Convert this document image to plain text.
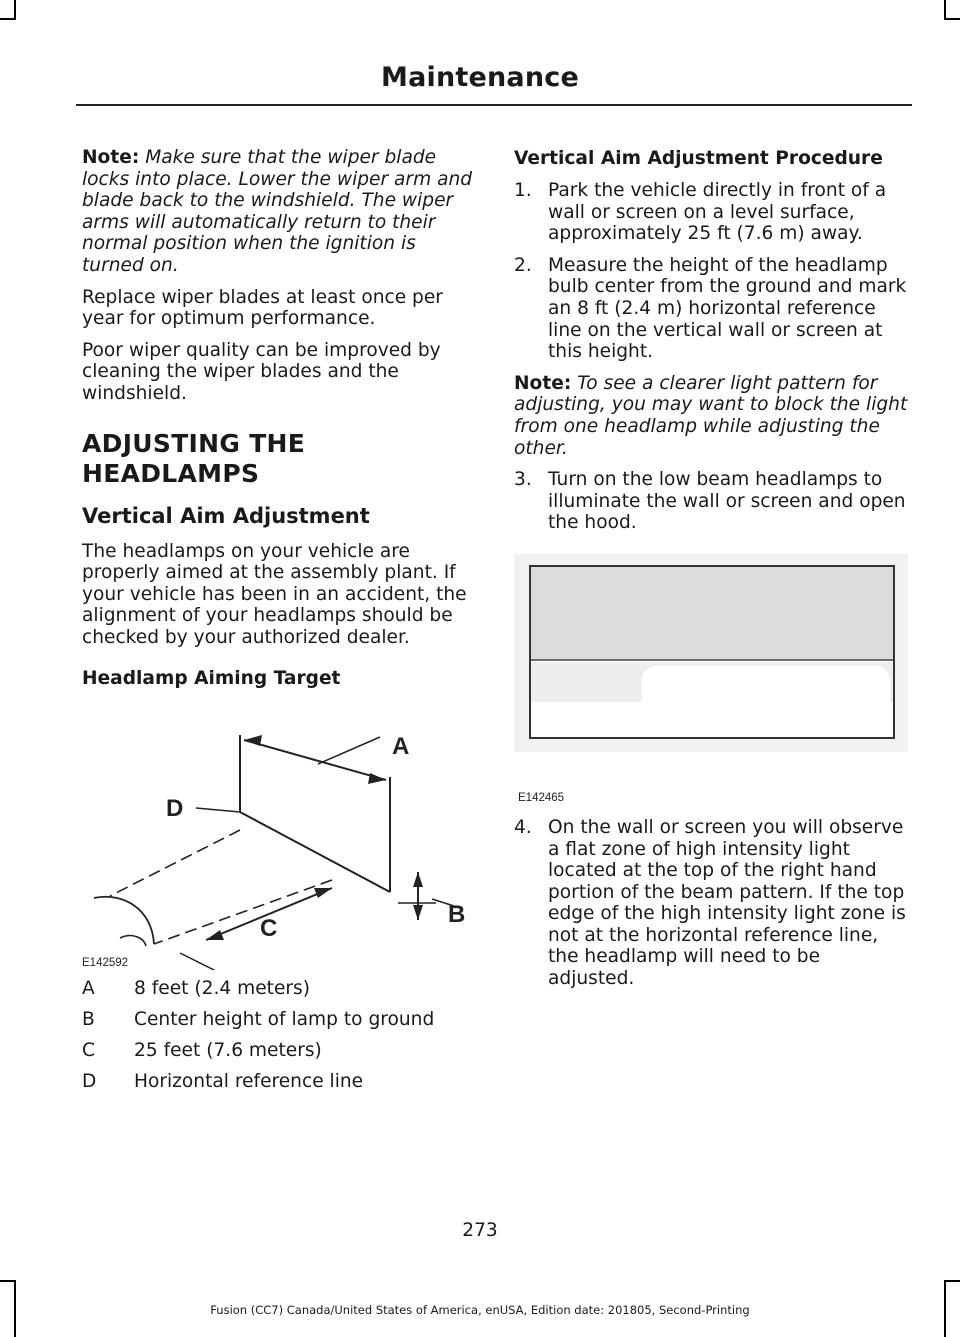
Maintenance

Note: Make sure that the wiper blade locks into place. Lower the wiper arm and blade back to the windshield. The wiper arms will automatically return to their normal position when the ignition is turned on.

Replace wiper blades at least once per year for optimum performance.

Poor wiper quality can be improved by cleaning the wiper blades and the windshield.

ADJUSTING THE HEADLAMPS
Vertical Aim Adjustment

The headlamps on your vehicle are properly aimed at the assembly plant. If your vehicle has been in an accident, the alignment of your headlamps should be checked by your authorized dealer.

Headlamp Aiming Target
A
D
B
C
E142592
A	8 feet (2.4 meters)
B	Center height of lamp to ground
C	25 feet (7.6 meters)
D	Horizontal reference line
Vertical Aim Adjustment Procedure
1. Park the vehicle directly in front of a wall or screen on a level surface, approximately 25 ft (7.6 m) away.
2. Measure the height of the headlamp bulb center from the ground and mark an 8 ft (2.4 m) horizontal reference line on the vertical wall or screen at this height.

Note: To see a clearer light pattern for adjusting, you may want to block the light from one headlamp while adjusting the other.

3. Turn on the low beam headlamps to illuminate the wall or screen and open the hood.
E142465
4. On the wall or screen you will observe a flat zone of high intensity light located at the top of the right hand portion of the beam pattern. If the top edge of the high intensity light zone is not at the horizontal reference line, the headlamp will need to be adjusted.
273
Fusion (CC7) Canada/United States of America, enUSA, Edition date: 201805, Second-Printing
